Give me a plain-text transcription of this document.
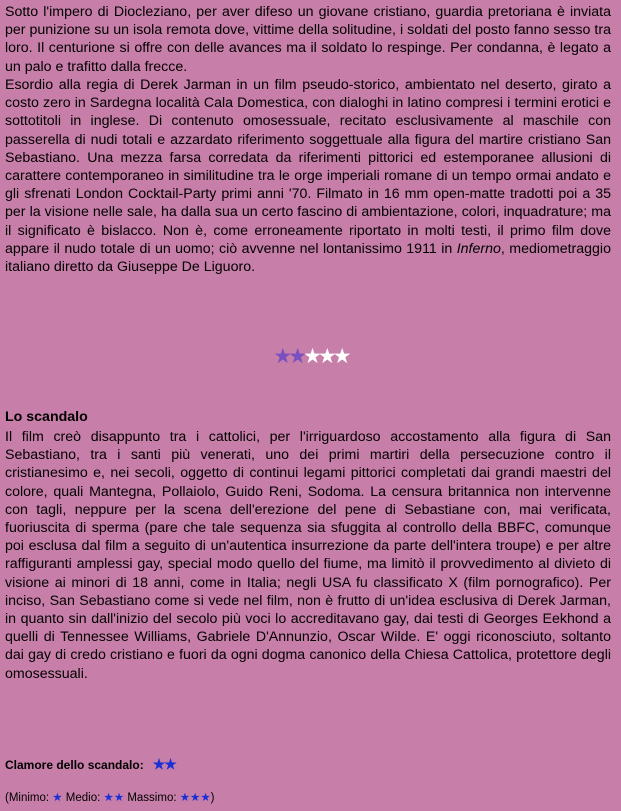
Sotto l'impero di Diocleziano, per aver difeso un giovane cristiano, guardia pretoriana è inviata per punizione su un isola remota dove, vittime della solitudine, i soldati del posto fanno sesso tra loro. Il centurione si offre con delle avances ma il soldato lo respinge. Per condanna, è legato a un palo e trafitto dalla frecce.

Esordio alla regia di Derek Jarman in un film pseudo-storico, ambientato nel deserto, girato a costo zero in Sardegna località Cala Domestica, con dialoghi in latino compresi i termini erotici e sottotitoli in inglese. Di contenuto omosessuale, recitato esclusivamente al maschile con passerella di nudi totali e azzardato riferimento soggettuale alla figura del martire cristiano San Sebastiano. Una mezza farsa corredata da riferimenti pittorici ed estemporanee allusioni di carattere contemporaneo in similitudine tra le orge imperiali romane di un tempo ormai andato e gli sfrenati London Cocktail-Party primi anni '70. Filmato in 16 mm open-matte tradotti poi a 35 per la visione nelle sale, ha dalla sua un certo fascino di ambientazione, colori, inquadrature; ma il significato è bislacco. Non è, come erroneamente riportato in molti testi, il primo film dove appare il nudo totale di un uomo; ciò avvenne nel lontanissimo 1911 in Inferno, mediometraggio italiano diretto da Giuseppe De Liguoro.

★★★★★

Lo scandalo

Il film creò disappunto tra i cattolici, per l'irriguardoso accostamento alla figura di San Sebastiano, tra i santi più venerati, uno dei primi martiri della persecuzione contro il cristianesimo e, nei secoli, oggetto di continui legami pittorici completati dai grandi maestri del colore, quali Mantegna, Pollaiolo, Guido Reni, Sodoma. La censura britannica non intervenne con tagli, neppure per la scena dell'erezione del pene di Sebastiane con, mai verificata, fuoriuscita di sperma (pare che tale sequenza sia sfuggita al controllo della BBFC, comunque poi esclusa dal film a seguito di un'autentica insurrezione da parte dell'intera troupe) e per altre raffiguranti amplessi gay, special modo quello del fiume, ma limitò il provvedimento al divieto di visione ai minori di 18 anni, come in Italia; negli USA fu classificato X (film pornografico). Per inciso, San Sebastiano come si vede nel film, non è frutto di un'idea esclusiva di Derek Jarman, in quanto sin dall'inizio del secolo più voci lo accreditavano gay, dai testi di Georges Eekhond a quelli di Tennessee Williams, Gabriele D'Annunzio, Oscar Wilde. E' oggi riconosciuto, soltanto dai gay di credo cristiano e fuori da ogni dogma canonico della Chiesa Cattolica, protettore degli omosessuali.

Clamore dello scandalo: ★★
(Minimo: ★ Medio: ★★ Massimo: ★★★)
